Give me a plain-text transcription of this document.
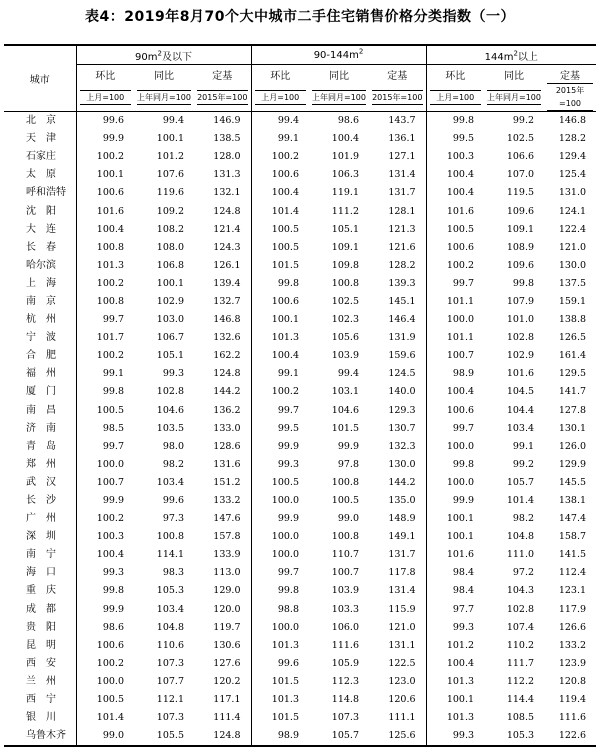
表4：2019年8月70个大中城市二手住宅销售价格分类指数（一）
城市	$90m^2$及以下			$90-144m^2$			$144m^2$以上		
	环比	同比	定基	环比	同比	定基	环比	同比	定基

	上月=100	上年同月=100	2015年=100	上月=100	上年同月=100	2015年=100	上月=100	上年同月=100	2015年=100

北　京	99.6	99.4	146.9	99.4	98.6	143.7	99.8	99.2	146.8
天　津	99.9	100.1	138.5	99.1	100.4	136.1	99.5	102.5	128.2
石家庄	100.2	101.2	128.0	100.2	101.9	127.1	100.3	106.6	129.4
太　原	100.1	107.6	131.3	100.6	106.3	131.4	100.4	107.0	125.4
呼和浩特	100.6	119.6	132.1	100.4	119.1	131.7	100.4	119.5	131.0
沈　阳	101.6	109.2	124.8	101.4	111.2	128.1	101.6	109.6	124.1
大　连	100.4	108.2	121.4	100.5	105.1	121.3	100.5	109.1	122.4
长　春	100.8	108.0	124.3	100.5	109.1	121.6	100.6	108.9	121.0
哈尔滨	101.3	106.8	126.1	101.5	109.8	128.2	100.2	109.6	130.0
上　海	100.2	100.1	139.4	99.8	100.8	139.3	99.7	99.8	137.5
南　京	100.8	102.9	132.7	100.6	102.5	145.1	101.1	107.9	159.1
杭　州	99.7	103.0	146.8	100.1	102.3	146.4	100.0	101.0	138.8
宁　波	101.7	106.7	132.6	101.3	105.6	131.9	101.1	102.8	126.5
合　肥	100.2	105.1	162.2	100.4	103.9	159.6	100.7	102.9	161.4
福　州	99.1	99.3	124.8	99.1	99.4	124.5	98.9	101.6	129.5
厦　门	99.8	102.8	144.2	100.2	103.1	140.0	100.4	104.5	141.7
南　昌	100.5	104.6	136.2	99.7	104.6	129.3	100.6	104.4	127.8
济　南	98.5	103.5	133.0	99.5	101.5	130.7	99.7	103.4	130.1
青　岛	99.7	98.0	128.6	99.9	99.9	132.3	100.0	99.1	126.0
郑　州	100.0	98.2	131.6	99.3	97.8	130.0	99.8	99.2	129.9
武　汉	100.7	103.4	151.2	100.5	100.8	144.2	100.0	105.7	145.5
长　沙	99.9	99.6	133.2	100.0	100.5	135.0	99.9	101.4	138.1
广　州	100.2	97.3	147.6	99.9	99.0	148.9	100.1	98.2	147.4
深　圳	100.3	100.8	157.8	100.0	100.8	149.1	100.1	104.8	158.7
南　宁	100.4	114.1	133.9	100.0	110.7	131.7	101.6	111.0	141.5
海　口	99.3	98.3	113.0	99.7	100.7	117.8	98.4	97.2	112.4
重　庆	99.8	105.3	129.0	99.8	103.9	131.4	98.4	104.3	123.1
成　都	99.9	103.4	120.0	98.8	103.3	115.9	97.7	102.8	117.9
贵　阳	98.6	104.8	119.7	100.0	106.0	121.0	99.3	107.4	126.6
昆　明	100.6	110.6	130.6	101.3	111.6	131.1	101.2	110.2	133.2
西　安	100.2	107.3	127.6	99.6	105.9	122.5	100.4	111.7	123.9
兰　州	100.0	107.7	120.2	101.5	112.3	123.0	101.3	112.2	120.8
西　宁	100.5	112.1	117.1	101.3	114.8	120.6	100.1	114.4	119.4
银　川	101.4	107.3	111.4	101.5	107.3	111.1	101.3	108.5	111.6
乌鲁木齐	99.0	105.5	124.8	98.9	105.7	125.6	99.3	105.3	122.6
